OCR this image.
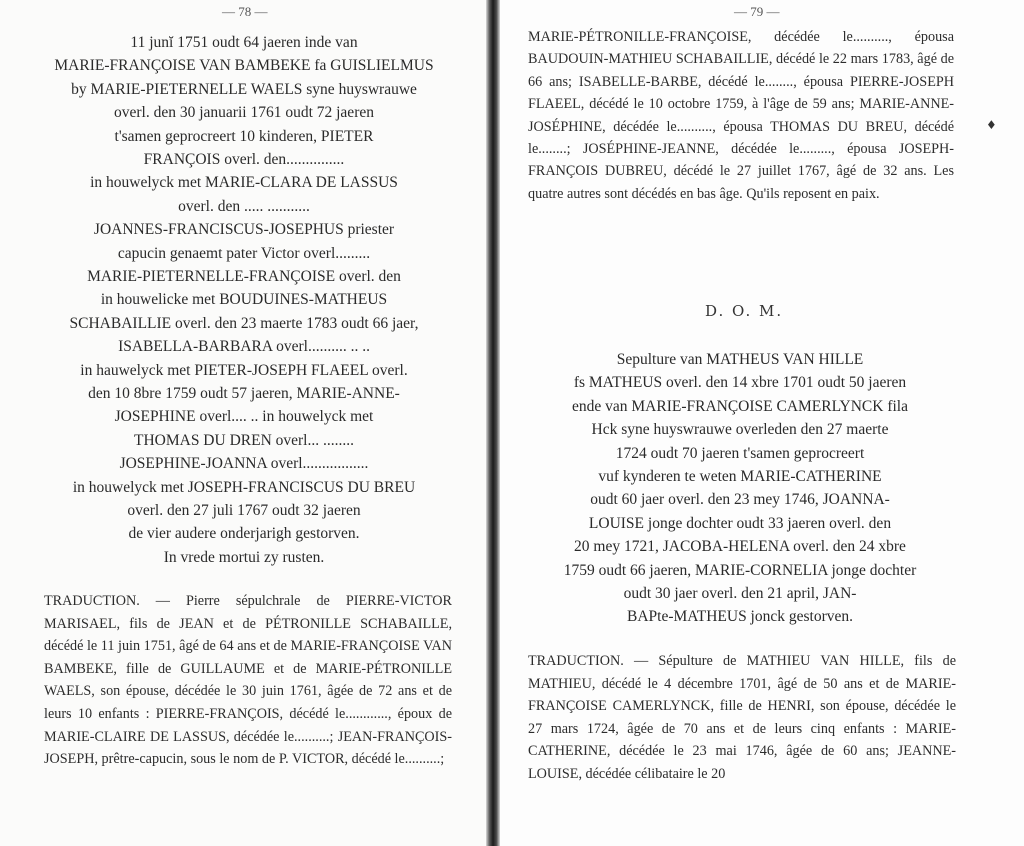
— 78 —
11 junĭ 1751 oudt 64 jaeren inde van
MARIE-FRANÇOISE VAN BAMBEKE fa GUISLIELMUS
by MARIE-PIETERNELLE WAELS syne huyswrauwe
overl. den 30 januarii 1761 oudt 72 jaeren
t'samen geprocreert 10 kinderen, PIETER
FRANÇOIS overl. den...............
in houwelyck met MARIE-CLARA DE LASSUS
overl. den ..... ...........
JOANNES-FRANCISCUS-JOSEPHUS priester
capucin genaemt pater Victor overl.........
MARIE-PIETERNELLE-FRANÇOISE overl. den
in houwelicke met BOUDUINES-MATHEUS
SCHABAILLIE overl. den 23 maerte 1783 oudt 66 jaer,
ISABELLA-BARBARA overl.......... .. ..
in hauwelyck met PIETER-JOSEPH FLAEEL overl.
den 10 8bre 1759 oudt 57 jaeren, MARIE-ANNE-
JOSEPHINE overl.... .. in houwelyck met
THOMAS DU DREN overl... ........
JOSEPHINE-JOANNA overl.................
in houwelyck met JOSEPH-FRANCISCUS DU BREU
overl. den 27 juli 1767 oudt 32 jaeren
de vier audere onderjarigh gestorven.
In vrede mortui zy rusten.

TRADUCTION. — Pierre sépulchrale de PIERRE-VICTOR MARISAEL, fils de JEAN et de PÉTRONILLE SCHABAILLE, décédé le 11 juin 1751, âgé de 64 ans et de MARIE-FRANÇOISE VAN BAMBEKE, fille de GUILLAUME et de MARIE-PÉTRONILLE WAELS, son épouse, décédée le 30 juin 1761, âgée de 72 ans et de leurs 10 enfants : PIERRE-FRANÇOIS, décédé le............, époux de MARIE-CLAIRE DE LASSUS, décédée le..........; JEAN-FRANÇOIS-JOSEPH, prêtre-capucin, sous le nom de P. VICTOR, décédé le..........;

— 79 —

MARIE-PÉTRONILLE-FRANÇOISE, décédée le.........., épousa BAUDOUIN-MATHIEU SCHABAILLIE, décédé le 22 mars 1783, âgé de 66 ans; ISABELLE-BARBE, décédé le........, épousa PIERRE-JOSEPH FLAEEL, décédé le 10 octobre 1759, à l'âge de 59 ans; MARIE-ANNE-JOSÉPHINE, décédée le.........., épousa THOMAS DU BREU, décédé le........; JOSÉPHINE-JEANNE, décédée le........., épousa JOSEPH-FRANÇOIS DUBREU, décédé le 27 juillet 1767, âgé de 32 ans. Les quatre autres sont décédés en bas âge. Qu'ils reposent en paix.

D. O. M.
Sepulture van MATHEUS VAN HILLE
fs MATHEUS overl. den 14 xbre 1701 oudt 50 jaeren
ende van MARIE-FRANÇOISE CAMERLYNCK fila
Hck syne huyswrauwe overleden den 27 maerte
1724 oudt 70 jaeren t'samen geprocreert
vuf kynderen te weten MARIE-CATHERINE
oudt 60 jaer overl. den 23 mey 1746, JOANNA-
LOUISE jonge dochter oudt 33 jaeren overl. den
20 mey 1721, JACOBA-HELENA overl. den 24 xbre
1759 oudt 66 jaeren, MARIE-CORNELIA jonge dochter
oudt 30 jaer overl. den 21 april, JAN-
BAPte-MATHEUS jonck gestorven.

TRADUCTION. — Sépulture de MATHIEU VAN HILLE, fils de MATHIEU, décédé le 4 décembre 1701, âgé de 50 ans et de MARIE-FRANÇOISE CAMERLYNCK, fille de HENRI, son épouse, décédée le 27 mars 1724, âgée de 70 ans et de leurs cinq enfants : MARIE-CATHERINE, décédée le 23 mai 1746, âgée de 60 ans; JEANNE-LOUISE, décédée célibataire le 20

♦
